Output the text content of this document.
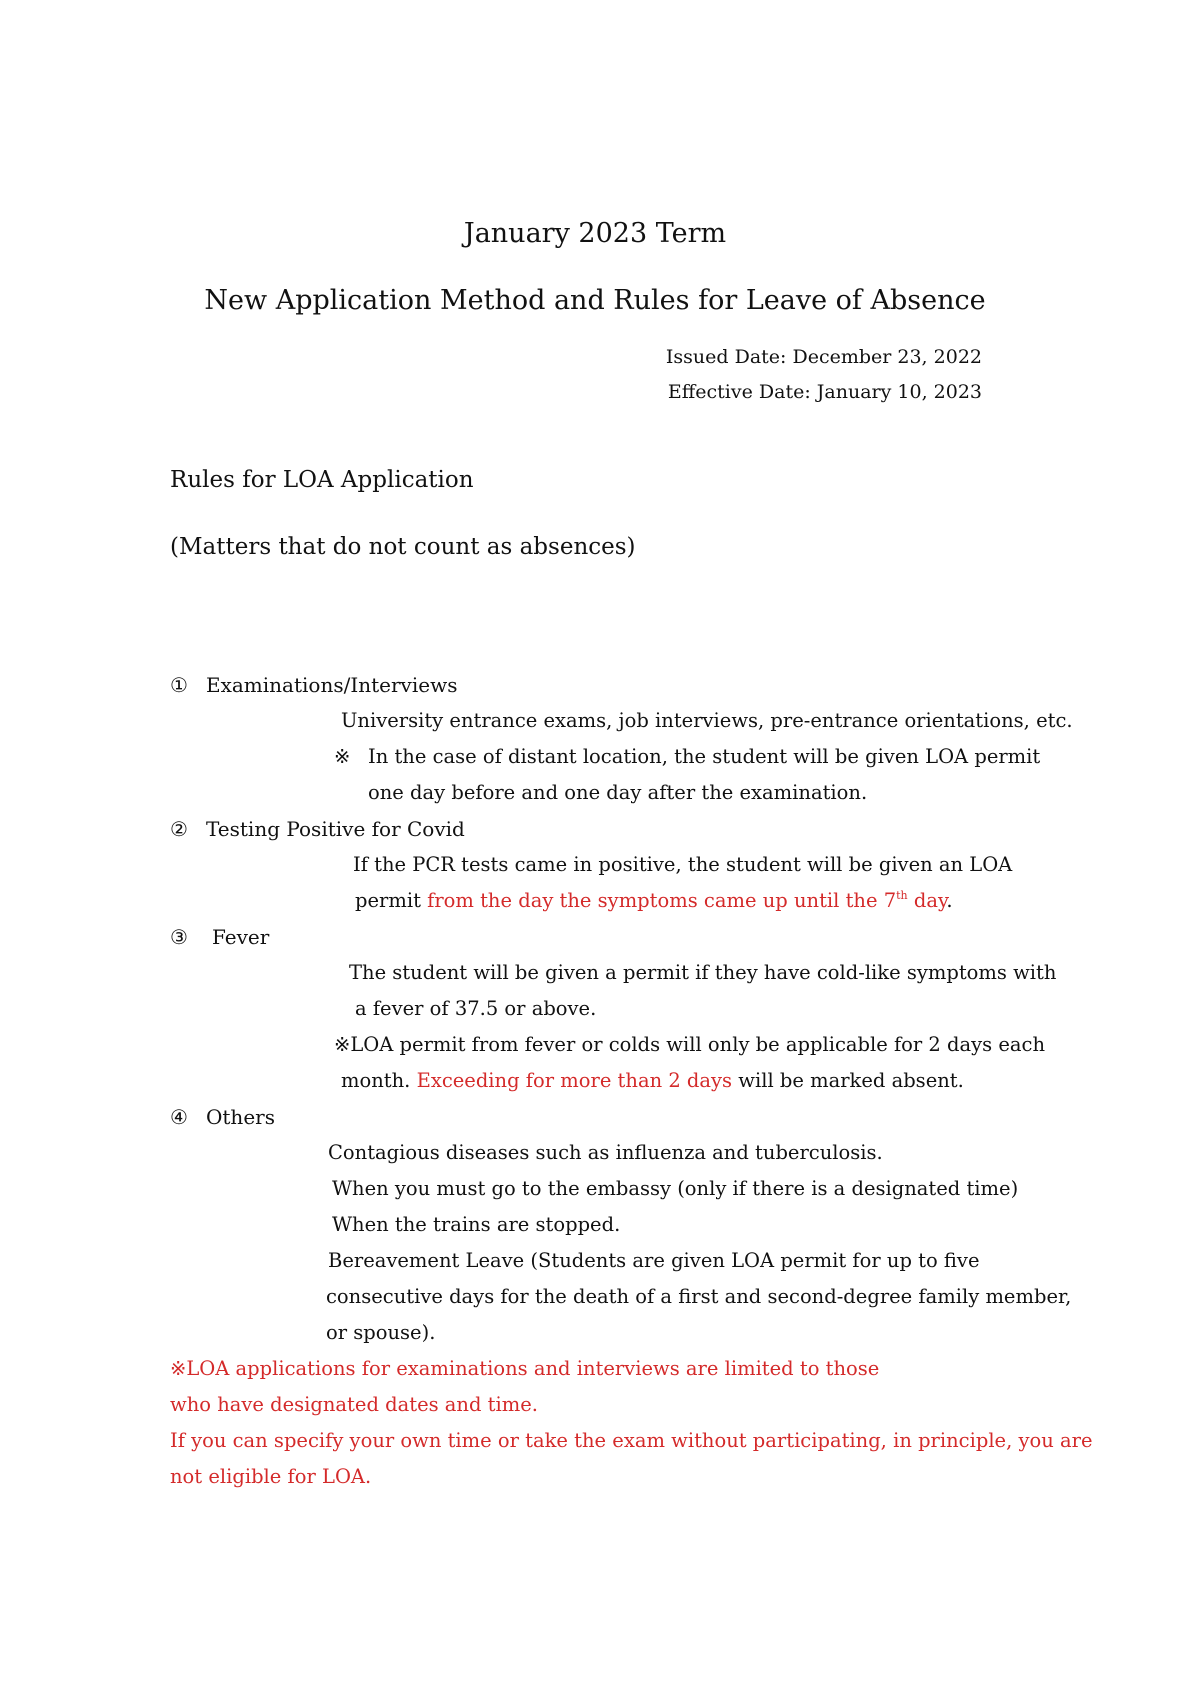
January 2023 Term
New Application Method and Rules for Leave of Absence
Issued Date: December 23, 2022
Effective Date: January 10, 2023
Rules for LOA Application
(Matters that do not count as absences)
① Examinations/Interviews
University entrance exams, job interviews, pre-entrance orientations, etc.
※ In the case of distant location, the student will be given LOA permit
one day before and one day after the examination.
② Testing Positive for Covid
If the PCR tests came in positive, the student will be given an LOA
permit from the day the symptoms came up until the 7th day.
③ Fever
The student will be given a permit if they have cold-like symptoms with
a fever of 37.5 or above.
※LOA permit from fever or colds will only be applicable for 2 days each
month. Exceeding for more than 2 days will be marked absent.
④ Others
Contagious diseases such as influenza and tuberculosis.
When you must go to the embassy (only if there is a designated time)
When the trains are stopped.
Bereavement Leave (Students are given LOA permit for up to five
consecutive days for the death of a first and second-degree family member,
or spouse).
※LOA applications for examinations and interviews are limited to those
who have designated dates and time.
If you can specify your own time or take the exam without participating, in principle, you are
not eligible for LOA.
